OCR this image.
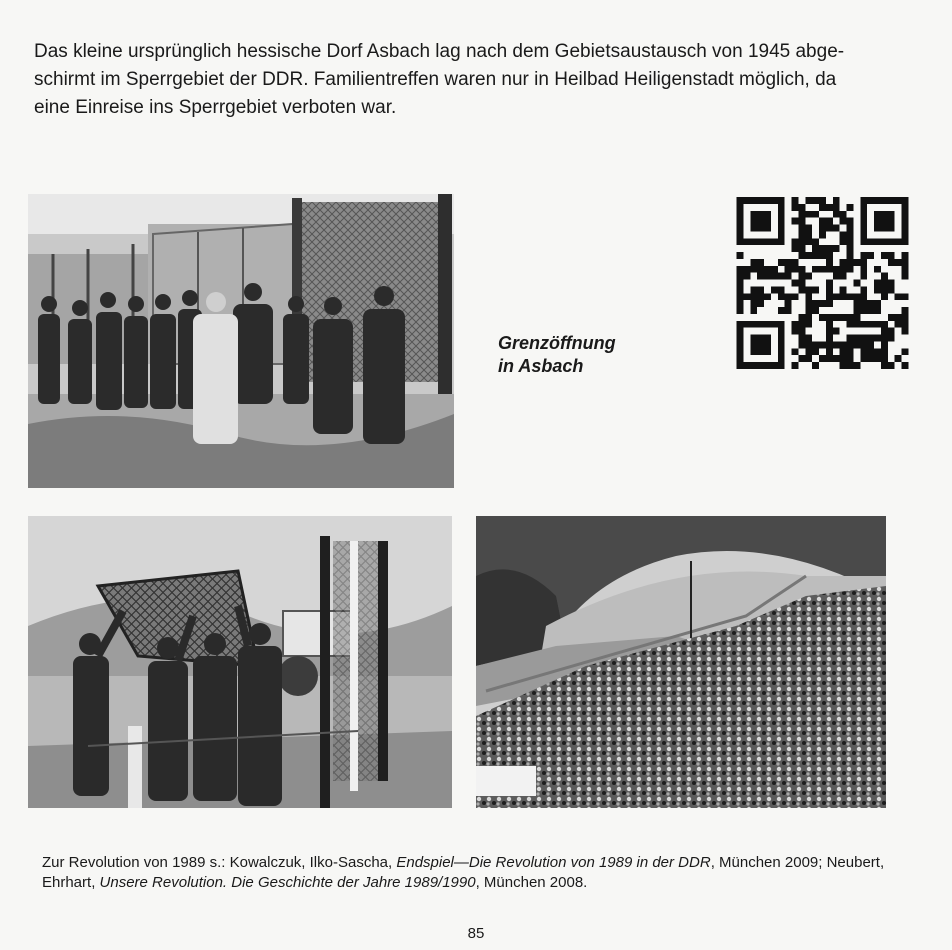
Das kleine ursprünglich hessische Dorf Asbach lag nach dem Gebietsaustausch von 1945 abge-
schirmt im Sperrgebiet der DDR. Familientreffen waren nur in Heilbad Heiligenstadt möglich, da
eine Einreise ins Sperrgebiet verboten war.

Grenzöffnung
in Asbach

Zur Revolution von 1989 s.: Kowalczuk, Ilko-Sascha, Endspiel—Die Revolution von 1989 in der DDR, München 2009; Neubert, Ehrhart, Unsere Revolution. Die Geschichte der Jahre 1989/1990, München 2008.

85
